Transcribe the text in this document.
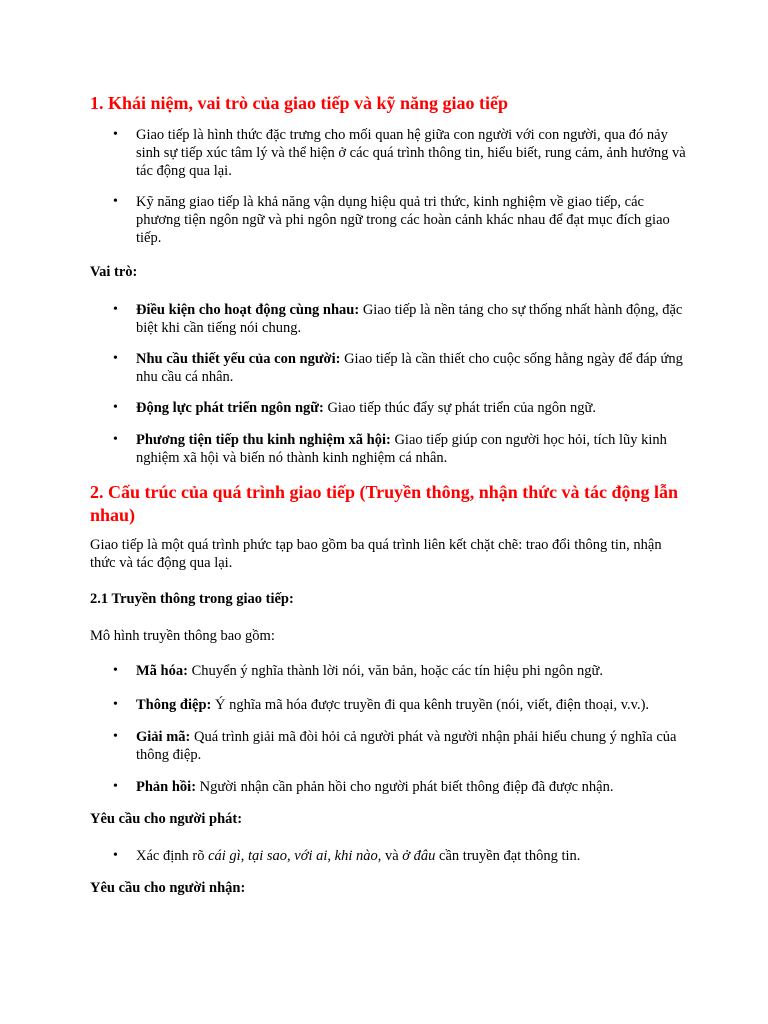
1. Khái niệm, vai trò của giao tiếp và kỹ năng giao tiếp
• Giao tiếp là hình thức đặc trưng cho mối quan hệ giữa con người với con người, qua đó nảy sinh sự tiếp xúc tâm lý và thể hiện ở các quá trình thông tin, hiểu biết, rung cảm, ảnh hưởng và tác động qua lại.
• Kỹ năng giao tiếp là khả năng vận dụng hiệu quả tri thức, kinh nghiệm về giao tiếp, các phương tiện ngôn ngữ và phi ngôn ngữ trong các hoàn cảnh khác nhau để đạt mục đích giao tiếp.

Vai trò:

• Điều kiện cho hoạt động cùng nhau: Giao tiếp là nền tảng cho sự thống nhất hành động, đặc biệt khi cần tiếng nói chung.
• Nhu cầu thiết yếu của con người: Giao tiếp là cần thiết cho cuộc sống hằng ngày để đáp ứng nhu cầu cá nhân.
• Động lực phát triển ngôn ngữ: Giao tiếp thúc đẩy sự phát triển của ngôn ngữ.
• Phương tiện tiếp thu kinh nghiệm xã hội: Giao tiếp giúp con người học hỏi, tích lũy kinh nghiệm xã hội và biến nó thành kinh nghiệm cá nhân.
2. Cấu trúc của quá trình giao tiếp (Truyền thông, nhận thức và tác động lẫn nhau)

Giao tiếp là một quá trình phức tạp bao gồm ba quá trình liên kết chặt chẽ: trao đổi thông tin, nhận thức và tác động qua lại.

2.1 Truyền thông trong giao tiếp:

Mô hình truyền thông bao gồm:

• Mã hóa: Chuyển ý nghĩa thành lời nói, văn bản, hoặc các tín hiệu phi ngôn ngữ.
• Thông điệp: Ý nghĩa mã hóa được truyền đi qua kênh truyền (nói, viết, điện thoại, v.v.).
• Giải mã: Quá trình giải mã đòi hỏi cả người phát và người nhận phải hiểu chung ý nghĩa của thông điệp.
• Phản hồi: Người nhận cần phản hồi cho người phát biết thông điệp đã được nhận.

Yêu cầu cho người phát:

• Xác định rõ cái gì, tại sao, với ai, khi nào, và ở đâu cần truyền đạt thông tin.

Yêu cầu cho người nhận:
